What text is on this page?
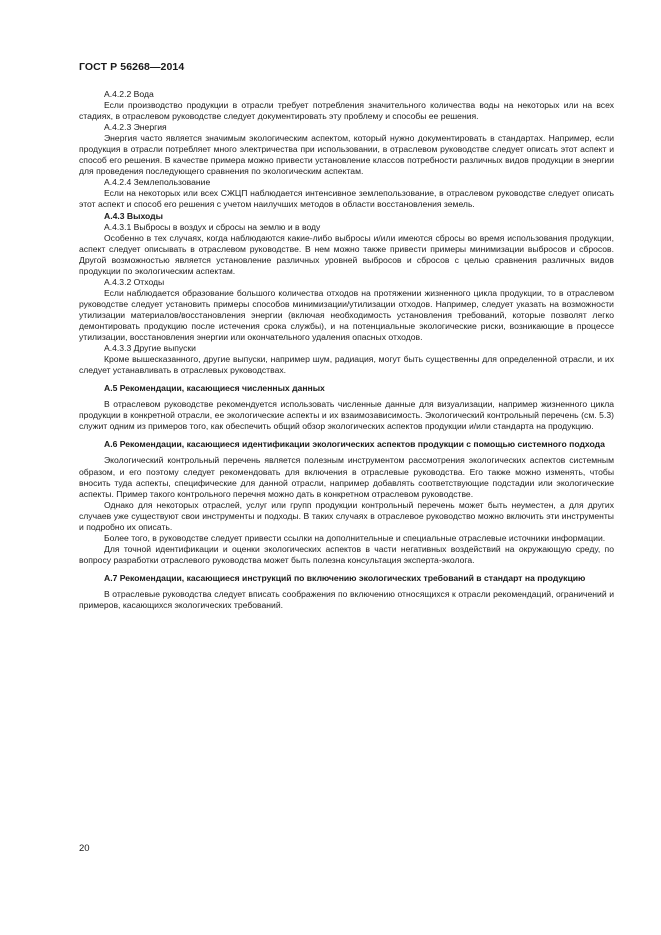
ГОСТ Р 56268—2014

А.4.2.2 Вода

Если производство продукции в отрасли требует потребления значительного количества воды на некоторых или на всех стадиях, в отраслевом руководстве следует документировать эту проблему и способы ее решения.

А.4.2.3 Энергия

Энергия часто является значимым экологическим аспектом, который нужно документировать в стандартах. Например, если продукция в отрасли потребляет много электричества при использовании, в отраслевом руководстве следует описать этот аспект и способ его решения. В качестве примера можно привести установление классов потребности различных видов продукции в энергии для проведения последующего сравнения по экологическим аспектам.

А.4.2.4 Землепользование

Если на некоторых или всех СЖЦП наблюдается интенсивное землепользование, в отраслевом руководстве следует описать этот аспект и способ его решения с учетом наилучших методов в области восстановления земель.

А.4.3 Выходы

А.4.3.1 Выбросы в воздух и сбросы на землю и в воду

Особенно в тех случаях, когда наблюдаются какие-либо выбросы и/или имеются сбросы во время использования продукции, аспект следует описывать в отраслевом руководстве. В нем можно также привести примеры минимизации выбросов и сбросов. Другой возможностью является установление различных уровней выбросов и сбросов с целью сравнения различных видов продукции по экологическим аспектам.

А.4.3.2 Отходы

Если наблюдается образование большого количества отходов на протяжении жизненного цикла продукции, то в отраслевом руководстве следует установить примеры способов минимизации/утилизации отходов. Например, следует указать на возможности утилизации материалов/восстановления энергии (включая необходимость установления требований, которые позволят легко демонтировать продукцию после истечения срока службы), и на потенциальные экологические риски, возникающие в процессе утилизации, восстановления энергии или окончательного удаления опасных отходов.

А.4.3.3 Другие выпуски

Кроме вышесказанного, другие выпуски, например шум, радиация, могут быть существенны для определенной отрасли, и их следует устанавливать в отраслевых руководствах.

А.5 Рекомендации, касающиеся численных данных

В отраслевом руководстве рекомендуется использовать численные данные для визуализации, например жизненного цикла продукции в конкретной отрасли, ее экологические аспекты и их взаимозависимость. Экологический контрольный перечень (см. 5.3) служит одним из примеров того, как обеспечить общий обзор экологических аспектов продукции и/или стандарта на продукцию.

А.6 Рекомендации, касающиеся идентификации экологических аспектов продукции с помощью системного подхода

Экологический контрольный перечень является полезным инструментом рассмотрения экологических аспектов системным образом, и его поэтому следует рекомендовать для включения в отраслевые руководства. Его также можно изменять, чтобы вносить туда аспекты, специфические для данной отрасли, например добавлять соответствующие подстадии или экологические аспекты. Пример такого контрольного перечня можно дать в конкретном отраслевом руководстве.

Однако для некоторых отраслей, услуг или групп продукции контрольный перечень может быть неуместен, а для других случаев уже существуют свои инструменты и подходы. В таких случаях в отраслевое руководство можно включить эти инструменты и подробно их описать.

Более того, в руководстве следует привести ссылки на дополнительные и специальные отраслевые источники информации.

Для точной идентификации и оценки экологических аспектов в части негативных воздействий на окружающую среду, по вопросу разработки отраслевого руководства может быть полезна консультация эксперта-эколога.

А.7 Рекомендации, касающиеся инструкций по включению экологических требований в стандарт на продукцию

В отраслевые руководства следует вписать соображения по включению относящихся к отрасли рекомендаций, ограничений и примеров, касающихся экологических требований.

20
